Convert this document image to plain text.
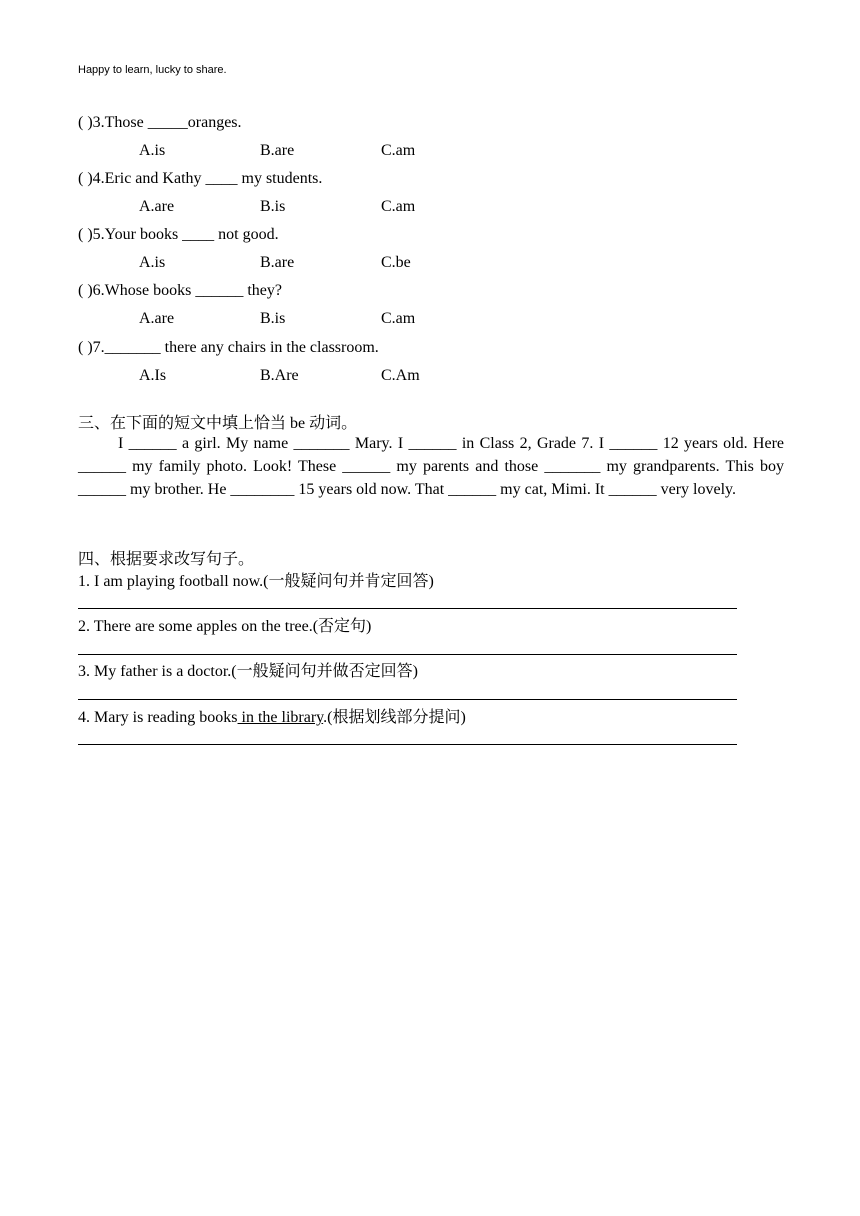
Happy to learn, lucky to share.
( )3.Those _____oranges.
A.is	B.are	C.am
( )4.Eric and Kathy ____ my students.
A.are	B.is	C.am
( )5.Your books ____ not good.
A.is	B.are	C.be
( )6.Whose books ______ they?
A.are	B.is	C.am
( )7._______ there any chairs in the classroom.
A.Is	B.Are	C.Am
三、在下面的短文中填上恰当 be 动词。
I ______ a girl. My name _______ Mary. I ______ in Class 2, Grade 7. I ______ 12 years old. Here ______ my family photo. Look! These ______ my parents and those _______ my grandparents. This boy ______ my brother. He ________ 15 years old now. That ______ my cat, Mimi. It ______ very lovely.
四、根据要求改写句子。
1. I am playing football now.(一般疑问句并肯定回答)
2. There are some apples on the tree.(否定句)
3. My father is a doctor.(一般疑问句并做否定回答)
4. Mary is reading books in the library.(根据划线部分提问)
